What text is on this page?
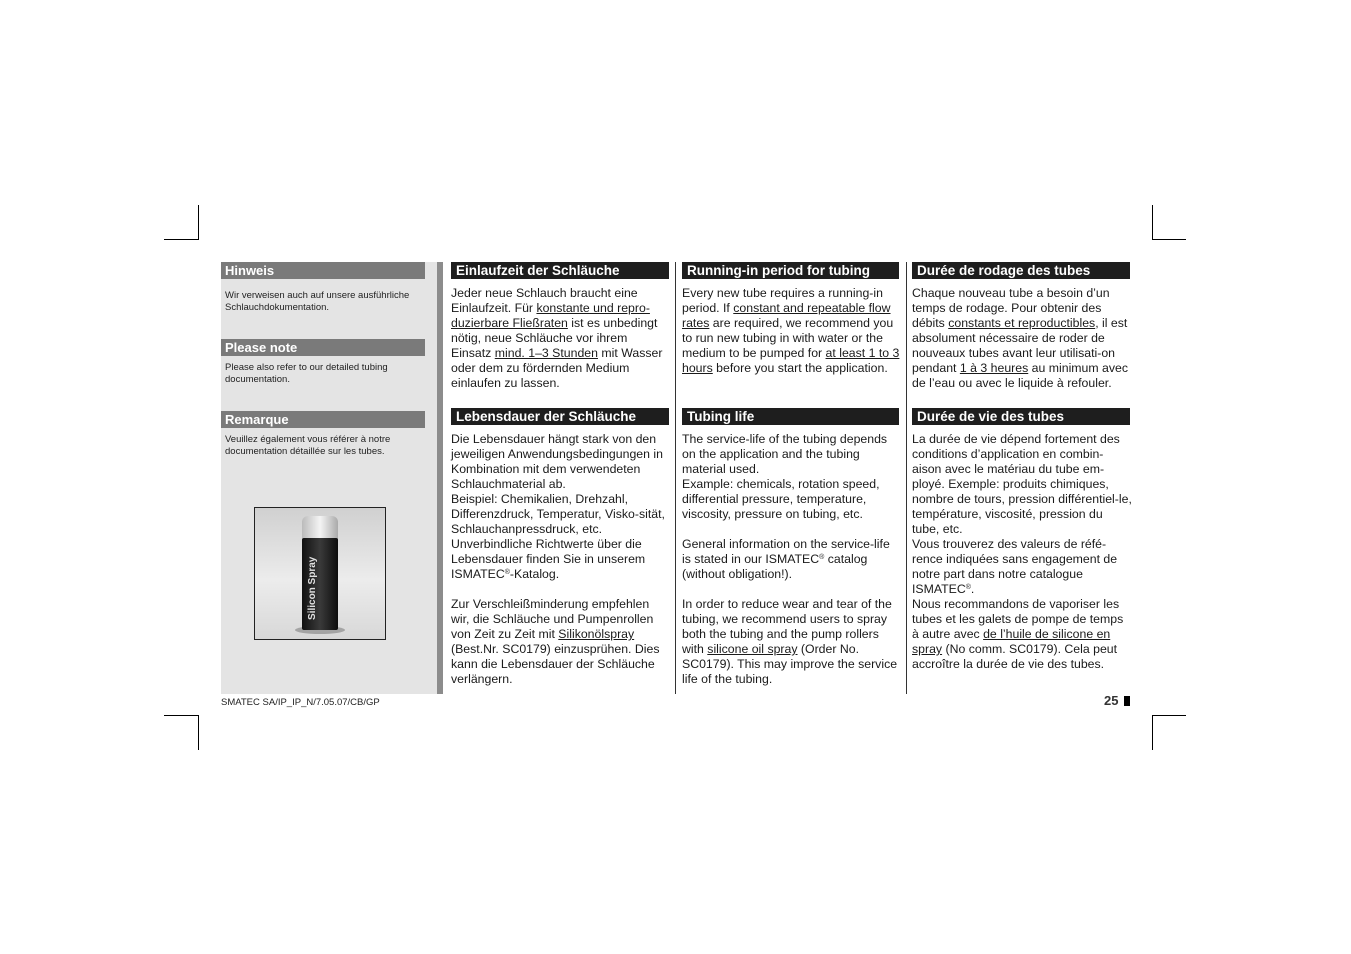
Hinweis
Wir verweisen auch auf unsere ausführliche Schlauchdokumentation.
Please note
Please also refer to our detailed tubing documentation.
Remarque
Veuillez également vous référer à notre documentation détaillée sur les tubes.
Silicon Spray
Einlaufzeit der Schläuche

Jeder neue Schlauch braucht eine Einlaufzeit. Für konstante und repro-duzierbare Fließraten ist es unbedingt nötig, neue Schläuche vor ihrem Einsatz mind. 1–3 Stunden mit Wasser oder dem zu fördernden Medium einlaufen zu lassen.

Lebensdauer der Schläuche

Die Lebensdauer hängt stark von den jeweiligen Anwendungsbedingungen in Kombination mit dem verwendeten Schlauchmaterial ab.

Beispiel: Chemikalien, Drehzahl, Differenzdruck, Temperatur, Visko-sität, Schlauchanpressdruck, etc.

Unverbindliche Richtwerte über die Lebensdauer finden Sie in unserem ISMATEC®-Katalog.

Zur Verschleißminderung empfehlen wir, die Schläuche und Pumpenrollen von Zeit zu Zeit mit Silikonölspray (Best.Nr. SC0179) einzusprühen. Dies kann die Lebensdauer der Schläuche verlängern.

Running-in period for tubing

Every new tube requires a running-in period. If constant and repeatable flow rates are required, we recommend you to run new tubing in with water or the medium to be pumped for at least 1 to 3 hours before you start the application.

Tubing life

The service-life of the tubing depends on the application and the tubing material used.

Example: chemicals, rotation speed, differential pressure, temperature, viscosity, pressure on tubing, etc.

General information on the service-life is stated in our ISMATEC® catalog (without obligation!).

In order to reduce wear and tear of the tubing, we recommend users to spray both the tubing and the pump rollers with silicone oil spray (Order No. SC0179). This may improve the service life of the tubing.

Durée de rodage des tubes

Chaque nouveau tube a besoin d’un temps de rodage. Pour obtenir des débits constants et reproductibles, il est absolument nécessaire de roder de nouveaux tubes avant leur utilisati-on pendant 1 à 3 heures au minimum avec de l’eau ou avec le liquide à refouler.

Durée de vie des tubes

La durée de vie dépend fortement des conditions d’application en combin-aison avec le matériau du tube em-ployé. Exemple: produits chimiques, nombre de tours, pression différentiel-le, température, viscosité, pression du tube, etc.

Vous trouverez des valeurs de réfé-rence indiquées sans engagement de notre part dans notre catalogue ISMATEC®.

Nous recommandons de vaporiser les tubes et les galets de pompe de temps à autre avec de l’huile de silicone en spray (No comm. SC0179). Cela peut accroître la durée de vie des tubes.

SMATEC SA/IP_IP_N/7.05.07/CB/GP	25
